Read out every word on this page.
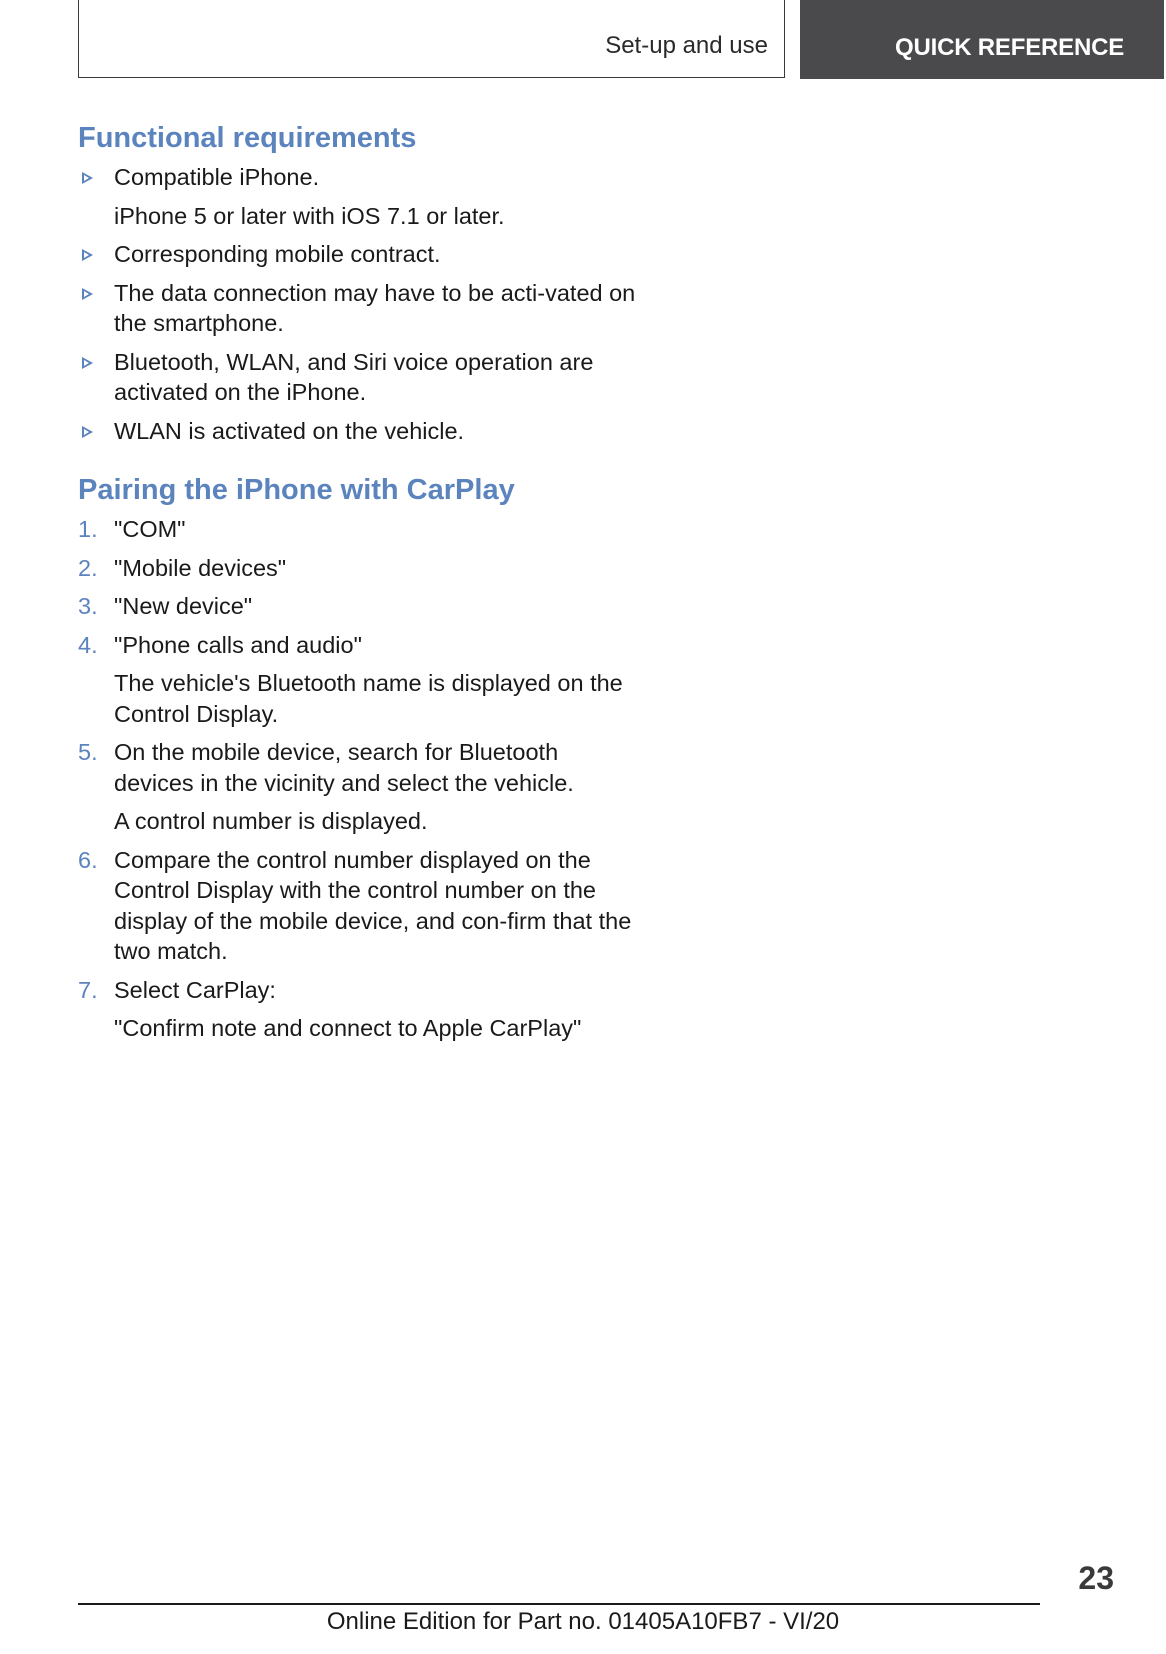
Set-up and use	QUICK REFERENCE
Functional requirements
Compatible iPhone.
iPhone 5 or later with iOS 7.1 or later.
Corresponding mobile contract.
The data connection may have to be acti-vated on the smartphone.
Bluetooth, WLAN, and Siri voice operation are activated on the iPhone.
WLAN is activated on the vehicle.
Pairing the iPhone with CarPlay
1. "COM"
2. "Mobile devices"
3. "New device"
4. "Phone calls and audio"
The vehicle's Bluetooth name is displayed on the Control Display.
5. On the mobile device, search for Bluetooth devices in the vicinity and select the vehicle.
A control number is displayed.
6. Compare the control number displayed on the Control Display with the control number on the display of the mobile device, and con-firm that the two match.
7. Select CarPlay:
"Confirm note and connect to Apple CarPlay"
23
Online Edition for Part no. 01405A10FB7 - VI/20
